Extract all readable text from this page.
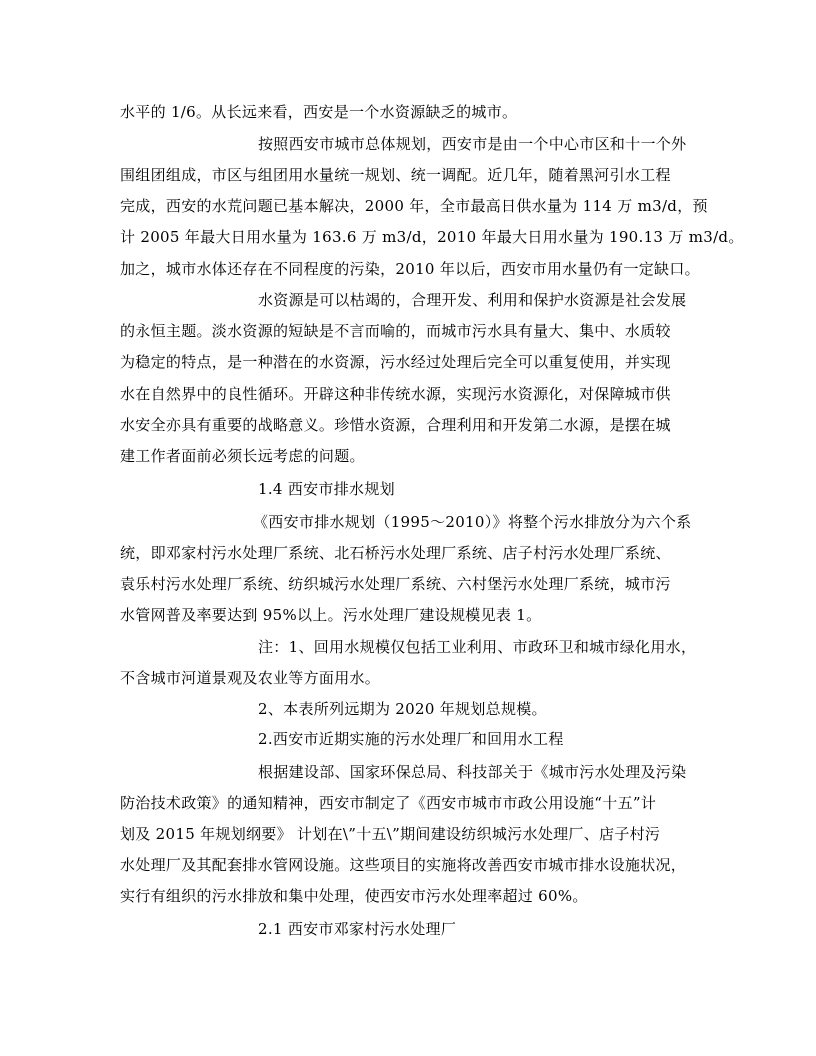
水平的 1/6。从长远来看，西安是一个水资源缺乏的城市。
按照西安市城市总体规划，西安市是由一个中心市区和十一个外
围组团组成，市区与组团用水量统一规划、统一调配。近几年，随着黑河引水工程
完成，西安的水荒问题已基本解决，2000 年，全市最高日供水量为 114 万 m3/d，预
计 2005 年最大日用水量为 163.6 万 m3/d，2010 年最大日用水量为 190.13 万 m3/d。
加之，城市水体还存在不同程度的污染，2010 年以后，西安市用水量仍有一定缺口。
水资源是可以枯竭的，合理开发、利用和保护水资源是社会发展
的永恒主题。淡水资源的短缺是不言而喻的，而城市污水具有量大、集中、水质较
为稳定的特点，是一种潜在的水资源，污水经过处理后完全可以重复使用，并实现
水在自然界中的良性循环。开辟这种非传统水源，实现污水资源化，对保障城市供
水安全亦具有重要的战略意义。珍惜水资源，合理利用和开发第二水源，是摆在城
建工作者面前必须长远考虑的问题。
1.4 西安市排水规划
《西安市排水规划（1995～2010）》将整个污水排放分为六个系
统，即邓家村污水处理厂系统、北石桥污水处理厂系统、店子村污水处理厂系统、
袁乐村污水处理厂系统、纺织城污水处理厂系统、六村堡污水处理厂系统，城市污
水管网普及率要达到 95%以上。污水处理厂建设规模见表 1。
注：1、回用水规模仅包括工业利用、市政环卫和城市绿化用水，
不含城市河道景观及农业等方面用水。
2、本表所列远期为 2020 年规划总规模。
2.西安市近期实施的污水处理厂和回用水工程
根据建设部、国家环保总局、科技部关于《城市污水处理及污染
防治技术政策》的通知精神，西安市制定了《西安市城市市政公用设施“十五”计
划及 2015 年规划纲要》 计划在\”十五\”期间建设纺织城污水处理厂、店子村污
水处理厂及其配套排水管网设施。这些项目的实施将改善西安市城市排水设施状况，
实行有组织的污水排放和集中处理，使西安市污水处理率超过 60%。
2.1 西安市邓家村污水处理厂
